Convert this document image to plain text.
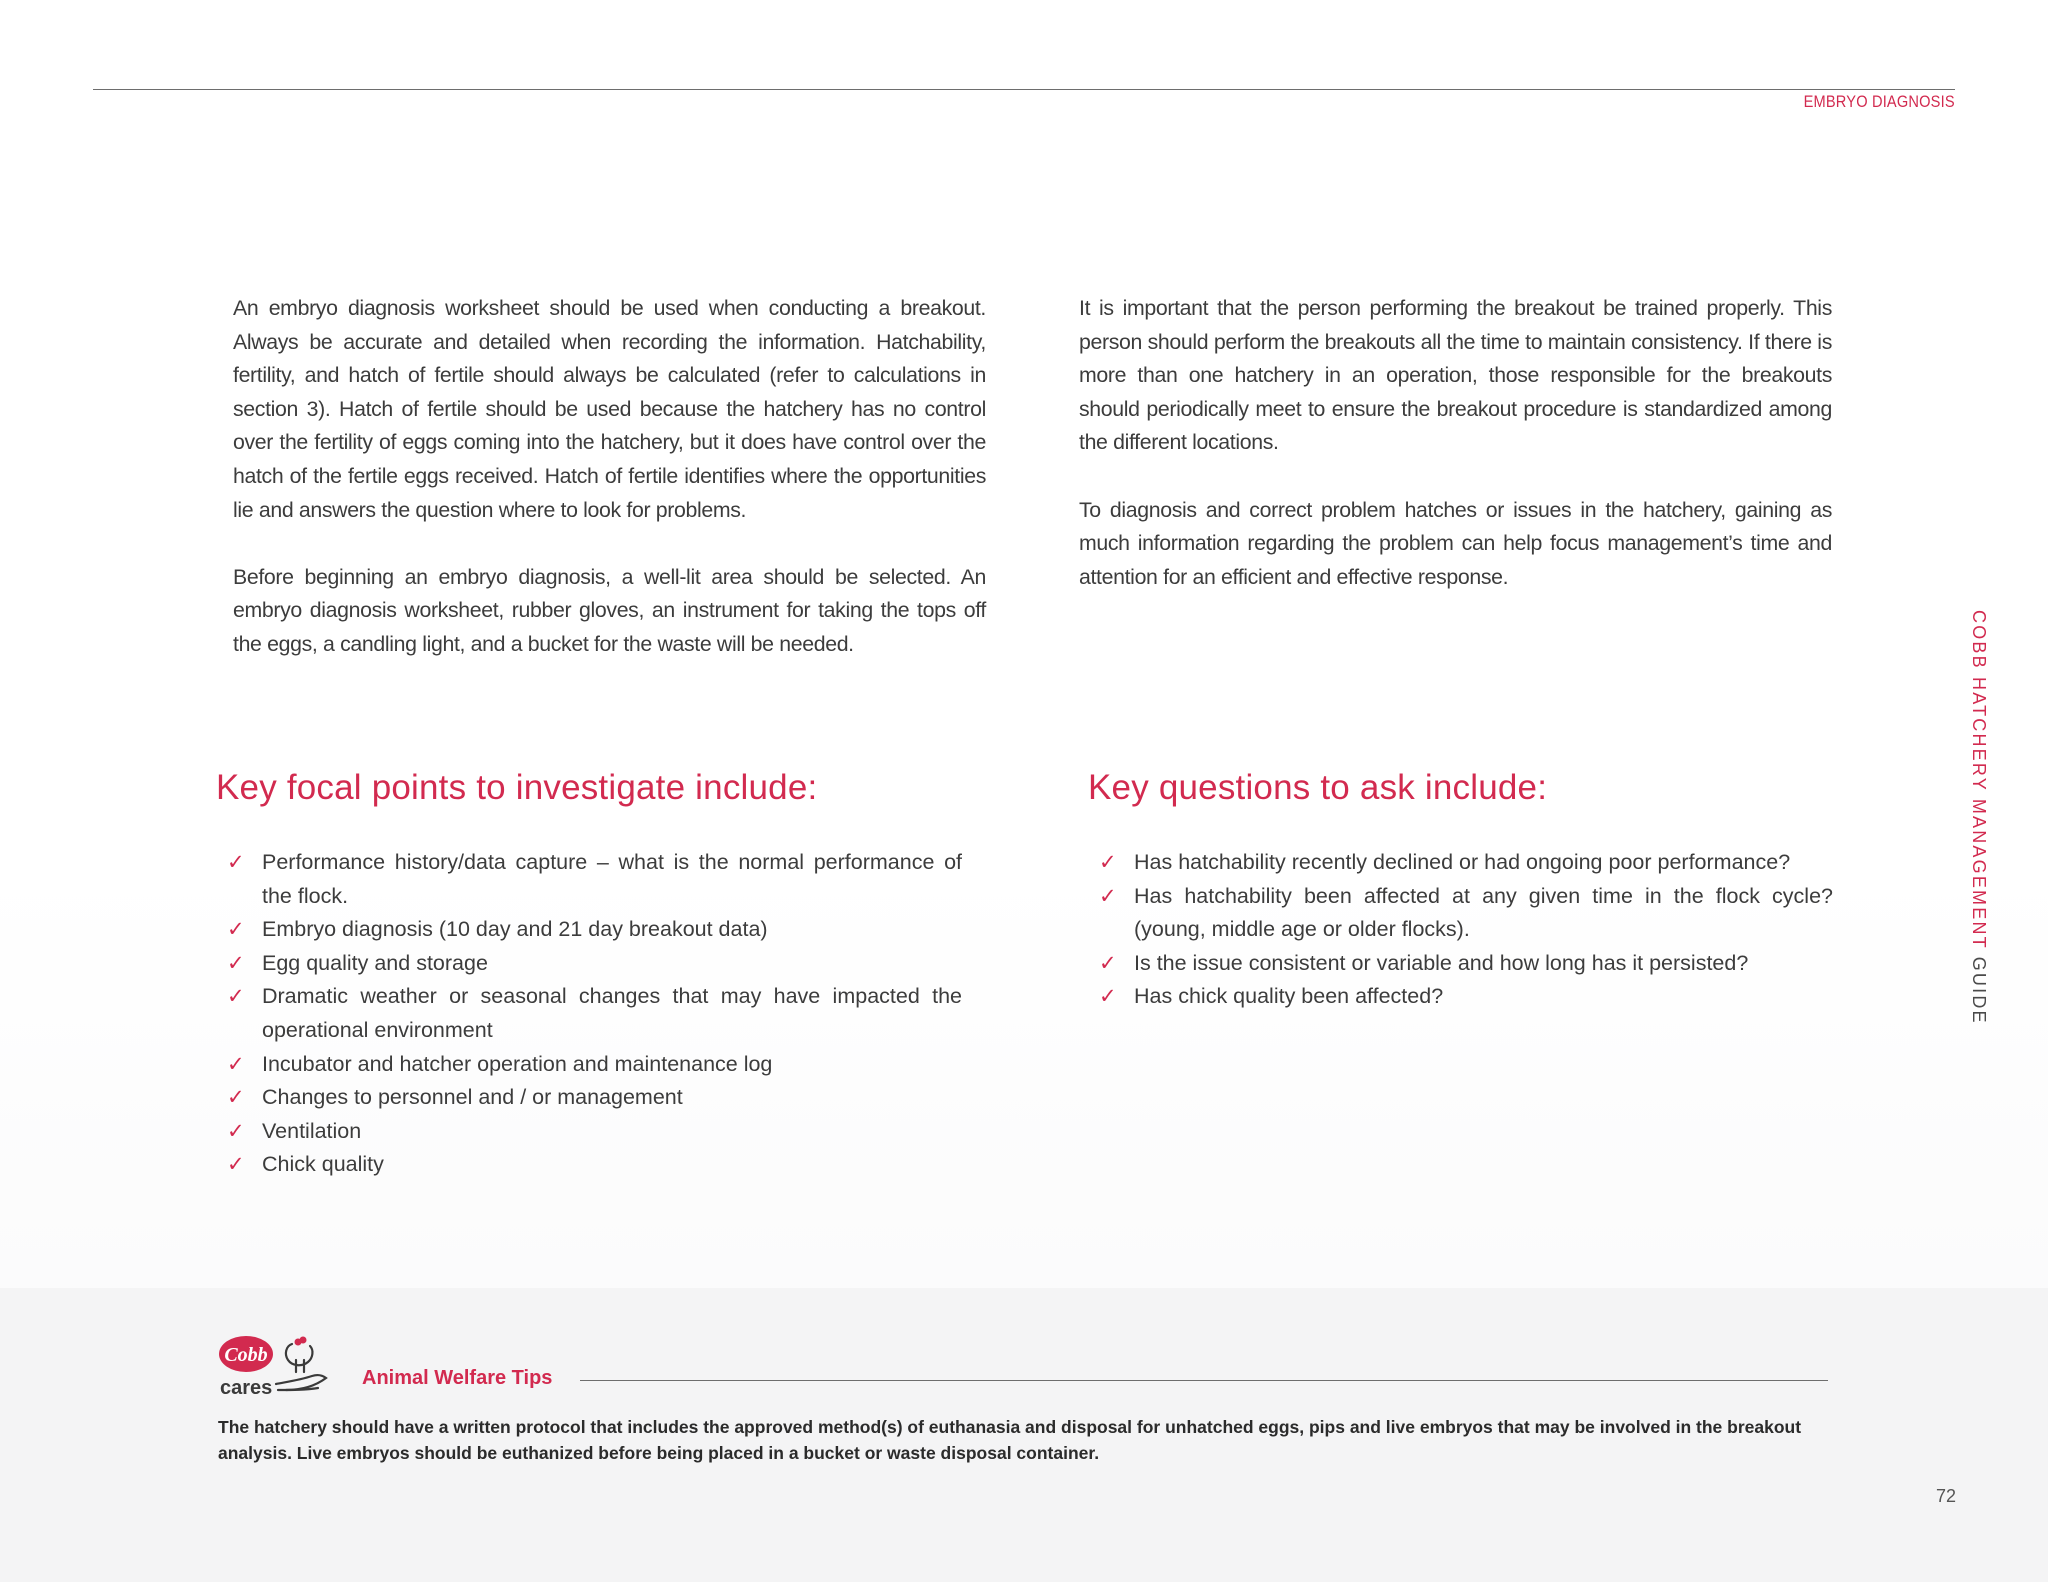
EMBRYO DIAGNOSIS
COBB HATCHERY MANAGEMENT GUIDE

An embryo diagnosis worksheet should be used when conducting a breakout. Always be accurate and detailed when recording the information. Hatchability, fertility, and hatch of fertile should always be calculated (refer to calculations in section 3). Hatch of fertile should be used because the hatchery has no control over the fertility of eggs coming into the hatchery, but it does have control over the hatch of the fertile eggs received. Hatch of fertile identifies where the opportunities lie and answers the question where to look for problems.

Before beginning an embryo diagnosis, a well-lit area should be selected. An embryo diagnosis worksheet, rubber gloves, an instrument for taking the tops off the eggs, a candling light, and a bucket for the waste will be needed.

It is important that the person performing the breakout be trained properly. This person should perform the breakouts all the time to maintain consistency. If there is more than one hatchery in an operation, those responsible for the breakouts should periodically meet to ensure the breakout procedure is standardized among the different locations.

To diagnosis and correct problem hatches or issues in the hatchery, gaining as much information regarding the problem can help focus management’s time and attention for an efficient and effective response.

Key focal points to investigate include:	Key questions to ask include:
✓ Performance history/data capture – what is the normal performance of the flock.
✓ Embryo diagnosis (10 day and 21 day breakout data)
✓ Egg quality and storage
✓ Dramatic weather or seasonal changes that may have impacted the operational environment
✓ Incubator and hatcher operation and maintenance log
✓ Changes to personnel and / or management
✓ Ventilation
✓ Chick quality
✓ Has hatchability recently declined or had ongoing poor performance?
✓ Has hatchability been affected at any given time in the flock cycle? (young, middle age or older flocks).
✓ Is the issue consistent or variable and how long has it persisted?
✓ Has chick quality been affected?
Cobb
cares	Animal Welfare Tips

The hatchery should have a written protocol that includes the approved method(s) of euthanasia and disposal for unhatched eggs, pips and live embryos that may be involved in the breakout analysis. Live embryos should be euthanized before being placed in a bucket or waste disposal container.

72
